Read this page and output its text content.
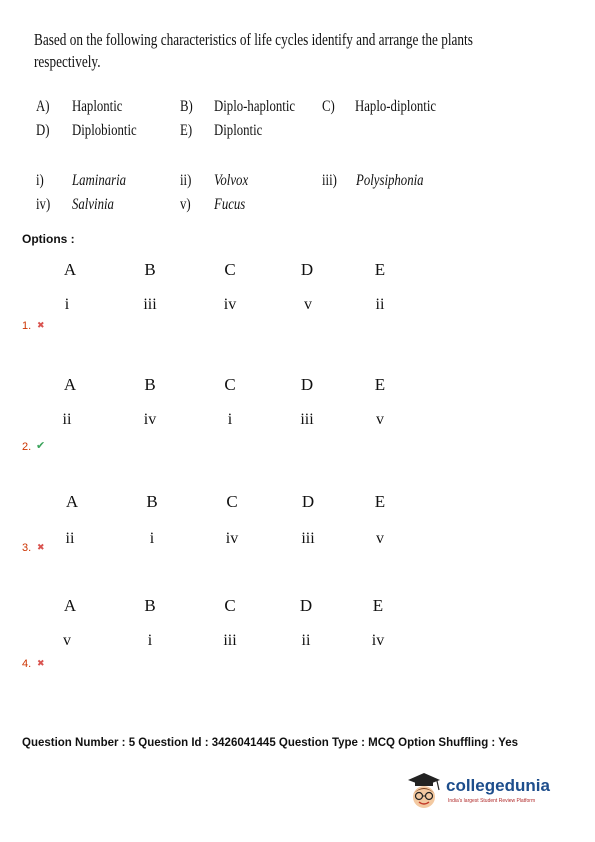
Based on the following characteristics of life cycles identify and arrange the plants
respectively.
A) Haplontic	B) Diplo-haplontic C) Haplo-diplontic
D) Diplobiontic	E) Diplontic
i) Laminaria	ii) Volvox	iii) Polysiphonia
iv) Salvinia	v) Fucus
Options :
A	B	C	D	E
i	iii	iv	v	ii
1. ✖
A	B	C	D	E
ii	iv	i	iii	v
2. ✔
A	B	C	D	E
ii	i	iv	iii	v
3. ✖
A	B	C	D	E
v	i	iii	ii	iv
4. ✖
Question Number : 5 Question Id : 3426041445 Question Type : MCQ Option Shuffling : Yes
collegedunia
India's largest Student Review Platform
